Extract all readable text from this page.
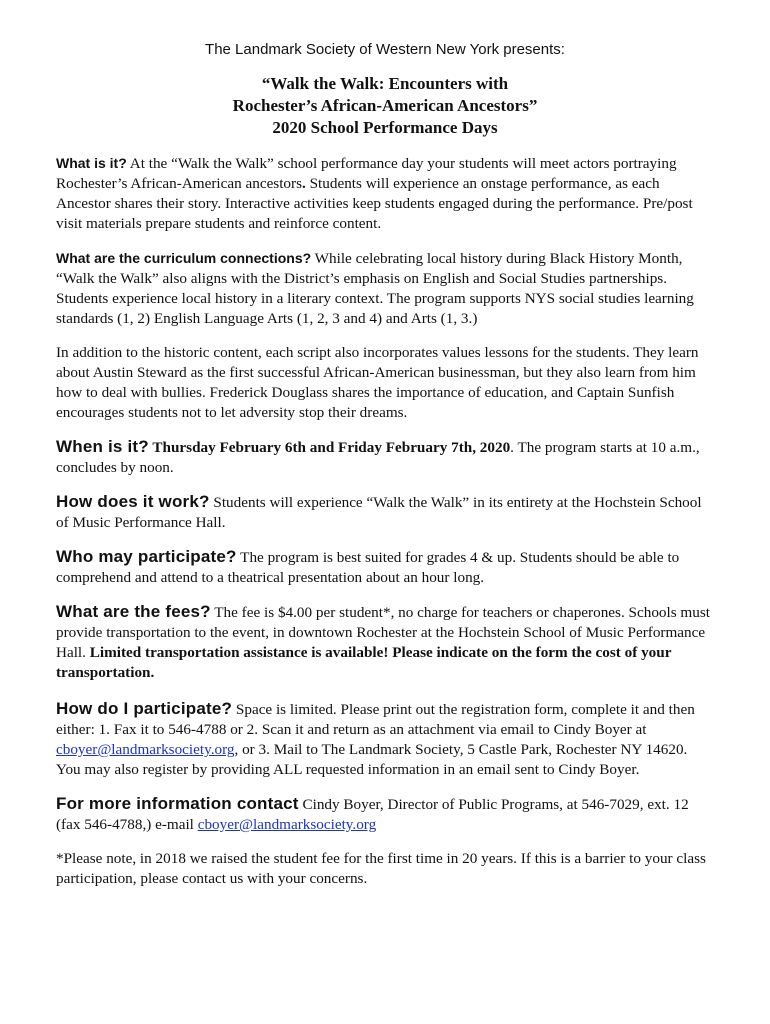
The Landmark Society of Western New York presents:
“Walk the Walk: Encounters with
Rochester’s African-American Ancestors”
2020 School Performance Days

What is it? At the “Walk the Walk” school performance day your students will meet actors portraying Rochester’s African-American ancestors. Students will experience an onstage performance, as each Ancestor shares their story. Interactive activities keep students engaged during the performance. Pre/post visit materials prepare students and reinforce content.

What are the curriculum connections? While celebrating local history during Black History Month, “Walk the Walk” also aligns with the District’s emphasis on English and Social Studies partnerships. Students experience local history in a literary context. The program supports NYS social studies learning standards (1, 2) English Language Arts (1, 2, 3 and 4) and Arts (1, 3.)

In addition to the historic content, each script also incorporates values lessons for the students. They learn about Austin Steward as the first successful African-American businessman, but they also learn from him how to deal with bullies. Frederick Douglass shares the importance of education, and Captain Sunfish encourages students not to let adversity stop their dreams.

When is it? Thursday February 6th and Friday February 7th, 2020. The program starts at 10 a.m., concludes by noon.

How does it work? Students will experience “Walk the Walk” in its entirety at the Hochstein School of Music Performance Hall.

Who may participate? The program is best suited for grades 4 & up. Students should be able to comprehend and attend to a theatrical presentation about an hour long.

What are the fees? The fee is $4.00 per student*, no charge for teachers or chaperones. Schools must provide transportation to the event, in downtown Rochester at the Hochstein School of Music Performance Hall. Limited transportation assistance is available! Please indicate on the form the cost of your transportation.

How do I participate? Space is limited. Please print out the registration form, complete it and then either: 1. Fax it to 546-4788 or 2. Scan it and return as an attachment via email to Cindy Boyer at cboyer@landmarksociety.org, or 3. Mail to The Landmark Society, 5 Castle Park, Rochester NY 14620. You may also register by providing ALL requested information in an email sent to Cindy Boyer.

For more information contact Cindy Boyer, Director of Public Programs, at 546-7029, ext. 12 (fax 546-4788,) e-mail cboyer@landmarksociety.org

*Please note, in 2018 we raised the student fee for the first time in 20 years. If this is a barrier to your class participation, please contact us with your concerns.
